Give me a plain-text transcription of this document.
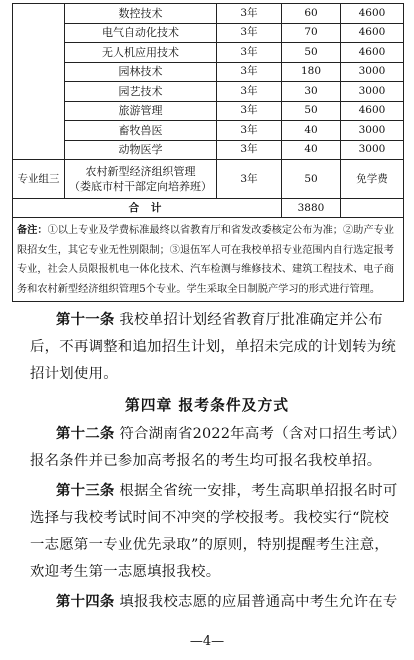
	数控技术	3年	60	4600
	电气自动化技术	3年	70	4600
	无人机应用技术	3年	50	4600
	园林技术	3年	180	3000
	园艺技术	3年	30	3000
	旅游管理	3年	50	4600
	畜牧兽医	3年	40	3000
	动物医学	3年	40	3000
专业组三	农村新型经济组织管理
（娄底市村干部定向培养班）	3年	50	免学费
合 计			3880	
备注：①以上专业及学费标准最终以省教育厅和省发改委核定公布为准；②助产专业限招女生，其它专业无性别限制；③退伍军人可在我校单招专业范围内自行选定报考专业，社会人员限报机电一体化技术、汽车检测与维修技术、建筑工程技术、电子商务和农村新型经济组织管理5个专业。学生采取全日制脱产学习的形式进行管理。				
第十一条 我校单招计划经省教育厅批准确定并公布后，不再调整和追加招生计划，单招未完成的计划转为统招计划使用。
第四章 报考条件及方式
第十二条 符合湖南省2022年高考（含对口招生考试）报名条件并已参加高考报名的考生均可报名我校单招。
第十三条 根据全省统一安排，考生高职单招报名时可选择与我校考试时间不冲突的学校报考。我校实行“院校一志愿第一专业优先录取”的原则，特别提醒考生注意，欢迎考生第一志愿填报我校。
第十四条 填报我校志愿的应届普通高中考生允许在专
—4—
